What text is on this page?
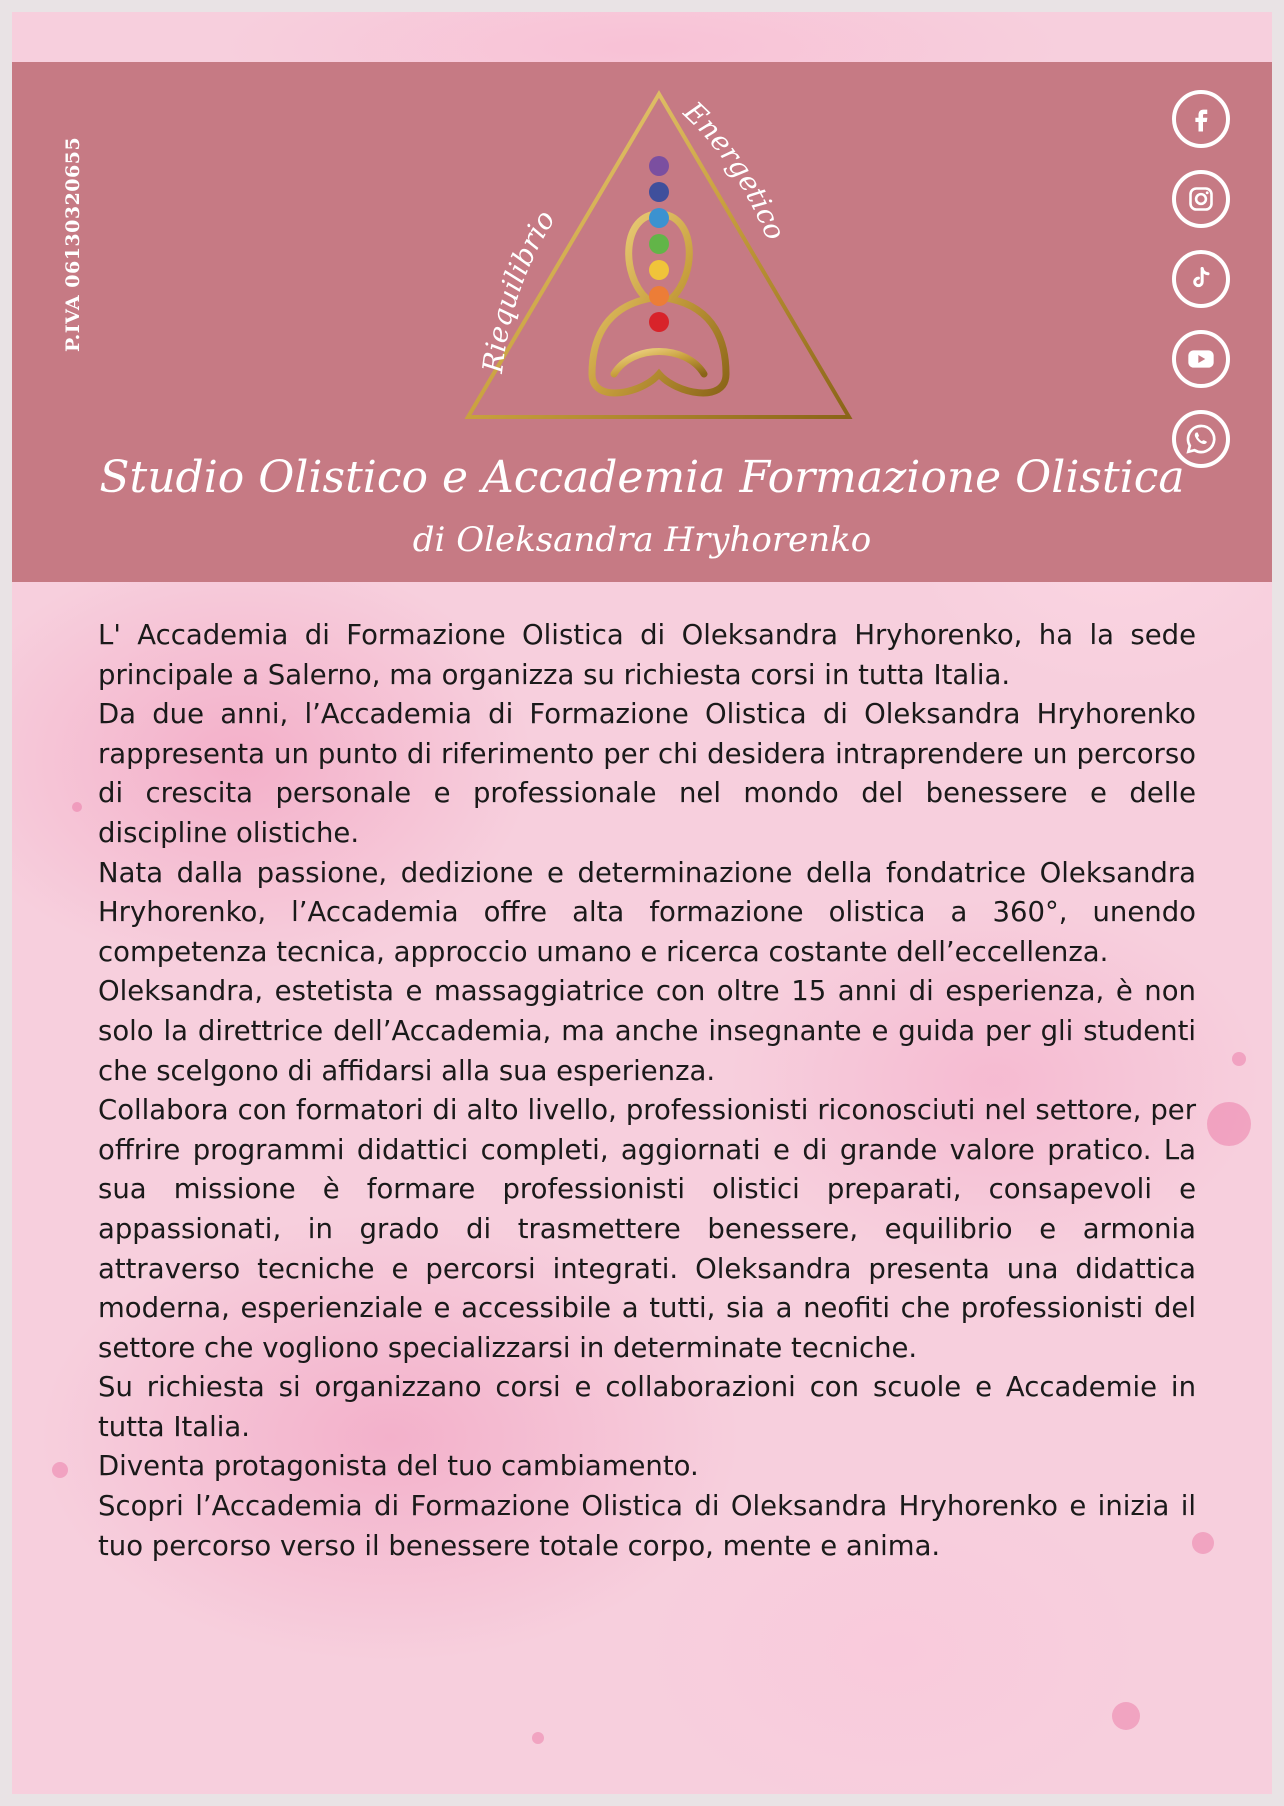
P.IVA 06130320655
Riequilibrio
Energetico
Studio Olistico e Accademia Formazione Olistica
di Oleksandra Hryhorenko

L' Accademia di Formazione Olistica di Oleksandra Hryhorenko, ha la sede principale a Salerno, ma organizza su richiesta corsi in tutta Italia.

Da due anni, l’Accademia di Formazione Olistica di Oleksandra Hryhorenko rappresenta un punto di riferimento per chi desidera intraprendere un percorso di crescita personale e professionale nel mondo del benessere e delle discipline olistiche.

Nata dalla passione, dedizione e determinazione della fondatrice Oleksandra Hryhorenko, l’Accademia offre alta formazione olistica a 360°, unendo competenza tecnica, approccio umano e ricerca costante dell’eccellenza.

Oleksandra, estetista e massaggiatrice con oltre 15 anni di esperienza, è non solo la direttrice dell’Accademia, ma anche insegnante e guida per gli studenti che scelgono di affidarsi alla sua esperienza.

Collabora con formatori di alto livello, professionisti riconosciuti nel settore, per offrire programmi didattici completi, aggiornati e di grande valore pratico. La sua missione è formare professionisti olistici preparati, consapevoli e appassionati, in grado di trasmettere benessere, equilibrio e armonia attraverso tecniche e percorsi integrati. Oleksandra presenta una didattica moderna, esperienziale e accessibile a tutti, sia a neofiti che professionisti del settore che vogliono specializzarsi in determinate tecniche.

Su richiesta si organizzano corsi e collaborazioni con scuole e Accademie in tutta Italia.

Diventa protagonista del tuo cambiamento.

Scopri l’Accademia di Formazione Olistica di Oleksandra Hryhorenko e inizia il tuo percorso verso il benessere totale corpo, mente e anima.
